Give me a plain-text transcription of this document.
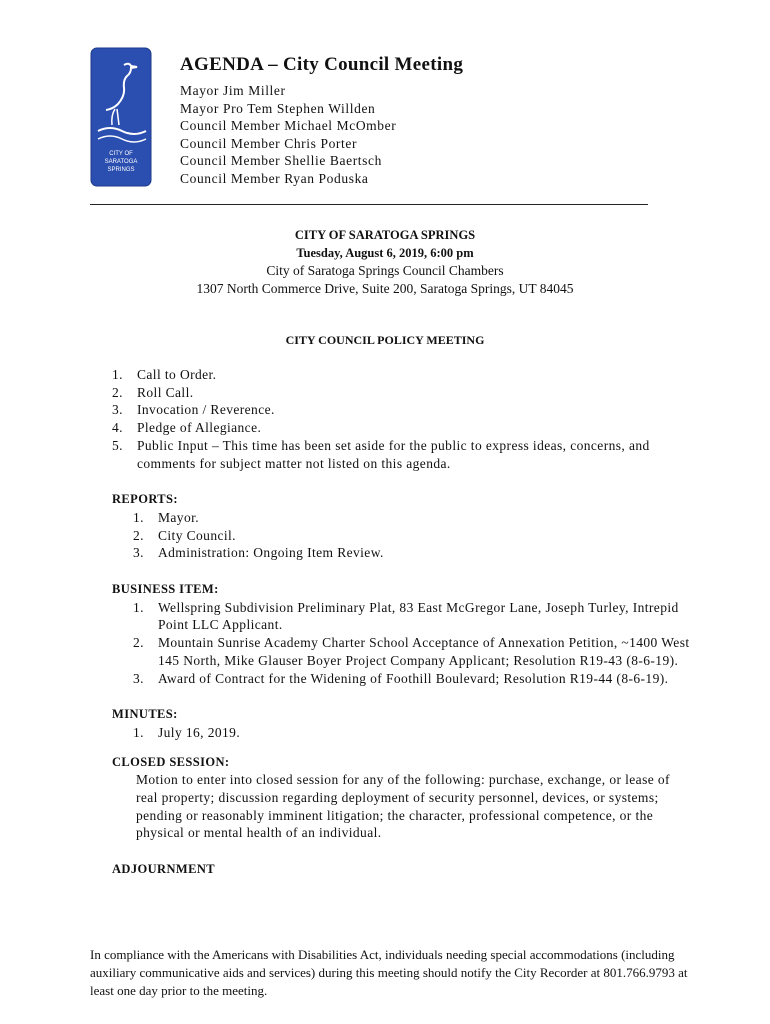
CITY OF
SARATOGA
SPRINGS
AGENDA – City Council Meeting
Mayor Jim Miller
Mayor Pro Tem Stephen Willden
Council Member Michael McOmber
Council Member Chris Porter
Council Member Shellie Baertsch
Council Member Ryan Poduska
CITY OF SARATOGA SPRINGS
Tuesday, August 6, 2019, 6:00 pm
City of Saratoga Springs Council Chambers
1307 North Commerce Drive, Suite 200, Saratoga Springs, UT 84045
CITY COUNCIL POLICY MEETING
1.	Call to Order.
2.	Roll Call.
3.	Invocation / Reverence.
4.	Pledge of Allegiance.
5.	Public Input – This time has been set aside for the public to express ideas, concerns, and comments for subject matter not listed on this agenda.
REPORTS:
1.	Mayor.
2.	City Council.
3.	Administration: Ongoing Item Review.
BUSINESS ITEM:
1.	Wellspring Subdivision Preliminary Plat, 83 East McGregor Lane, Joseph Turley, Intrepid Point LLC Applicant.
2.	Mountain Sunrise Academy Charter School Acceptance of Annexation Petition, ~1400 West 145 North, Mike Glauser Boyer Project Company Applicant; Resolution R19-43 (8-6-19).
3.	Award of Contract for the Widening of Foothill Boulevard; Resolution R19-44 (8-6-19).
MINUTES:
1.	July 16, 2019.
CLOSED SESSION:
Motion to enter into closed session for any of the following: purchase, exchange, or lease of real property; discussion regarding deployment of security personnel, devices, or systems; pending or reasonably imminent litigation; the character, professional competence, or the physical or mental health of an individual.
ADJOURNMENT
In compliance with the Americans with Disabilities Act, individuals needing special accommodations (including auxiliary communicative aids and services) during this meeting should notify the City Recorder at 801.766.9793 at least one day prior to the meeting.
